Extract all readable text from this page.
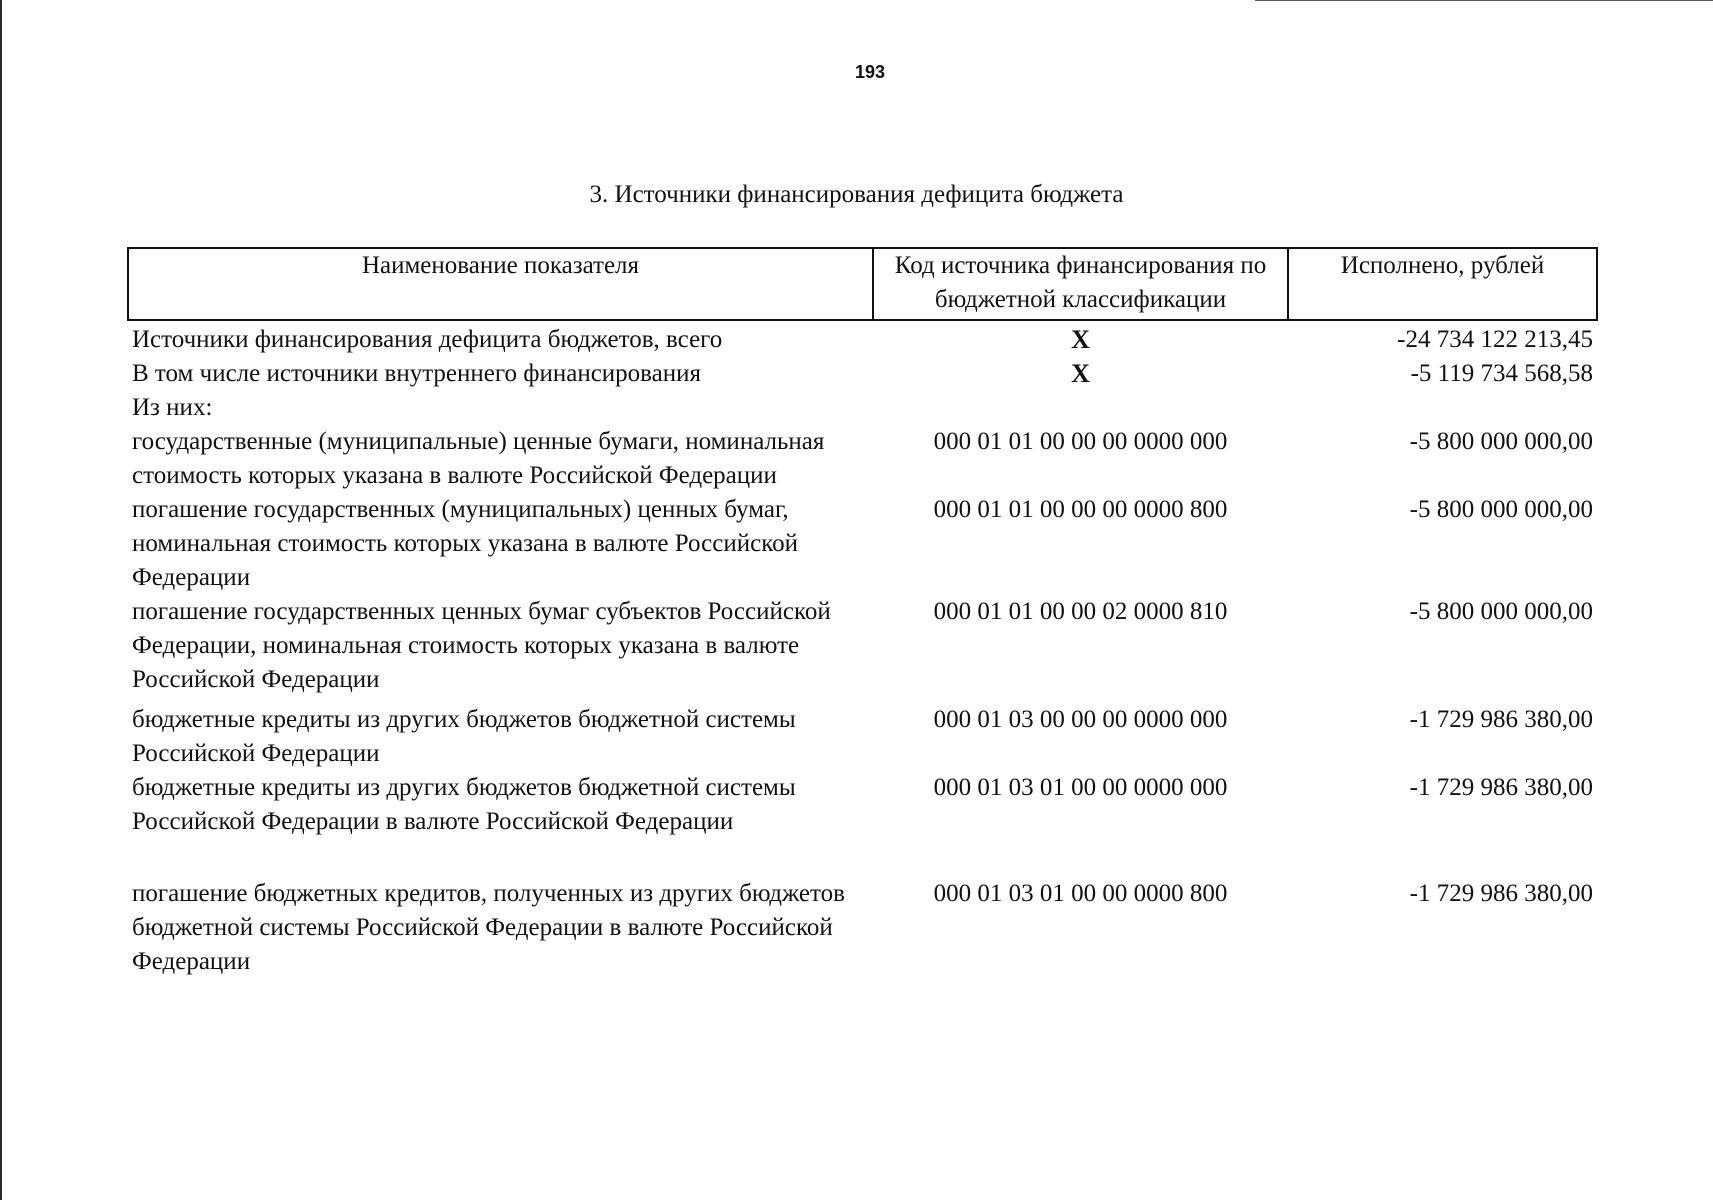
193
3. Источники финансирования дефицита бюджета
Наименование показателя	Код источника финансирования по бюджетной классификации	Исполнено, рублей
Источники финансирования дефицита бюджетов, всего	X	-24 734 122 213,45
В том числе источники внутреннего финансирования	X	-5 119 734 568,58
Из них:		
государственные (муниципальные) ценные бумаги, номинальная стоимость которых указана в валюте Российской Федерации	000 01 01 00 00 00 0000 000	-5 800 000 000,00
погашение государственных (муниципальных) ценных бумаг, номинальная стоимость которых указана в валюте Российской Федерации	000 01 01 00 00 00 0000 800	-5 800 000 000,00
погашение государственных ценных бумаг субъектов Российской Федерации, номинальная стоимость которых указана в валюте Российской Федерации	000 01 01 00 00 02 0000 810	-5 800 000 000,00
бюджетные кредиты из других бюджетов бюджетной системы Российской Федерации	000 01 03 00 00 00 0000 000	-1 729 986 380,00
бюджетные кредиты из других бюджетов бюджетной системы Российской Федерации в валюте Российской Федерации	000 01 03 01 00 00 0000 000	-1 729 986 380,00
погашение бюджетных кредитов, полученных из других бюджетов бюджетной системы Российской Федерации в валюте Российской Федерации	000 01 03 01 00 00 0000 800	-1 729 986 380,00
